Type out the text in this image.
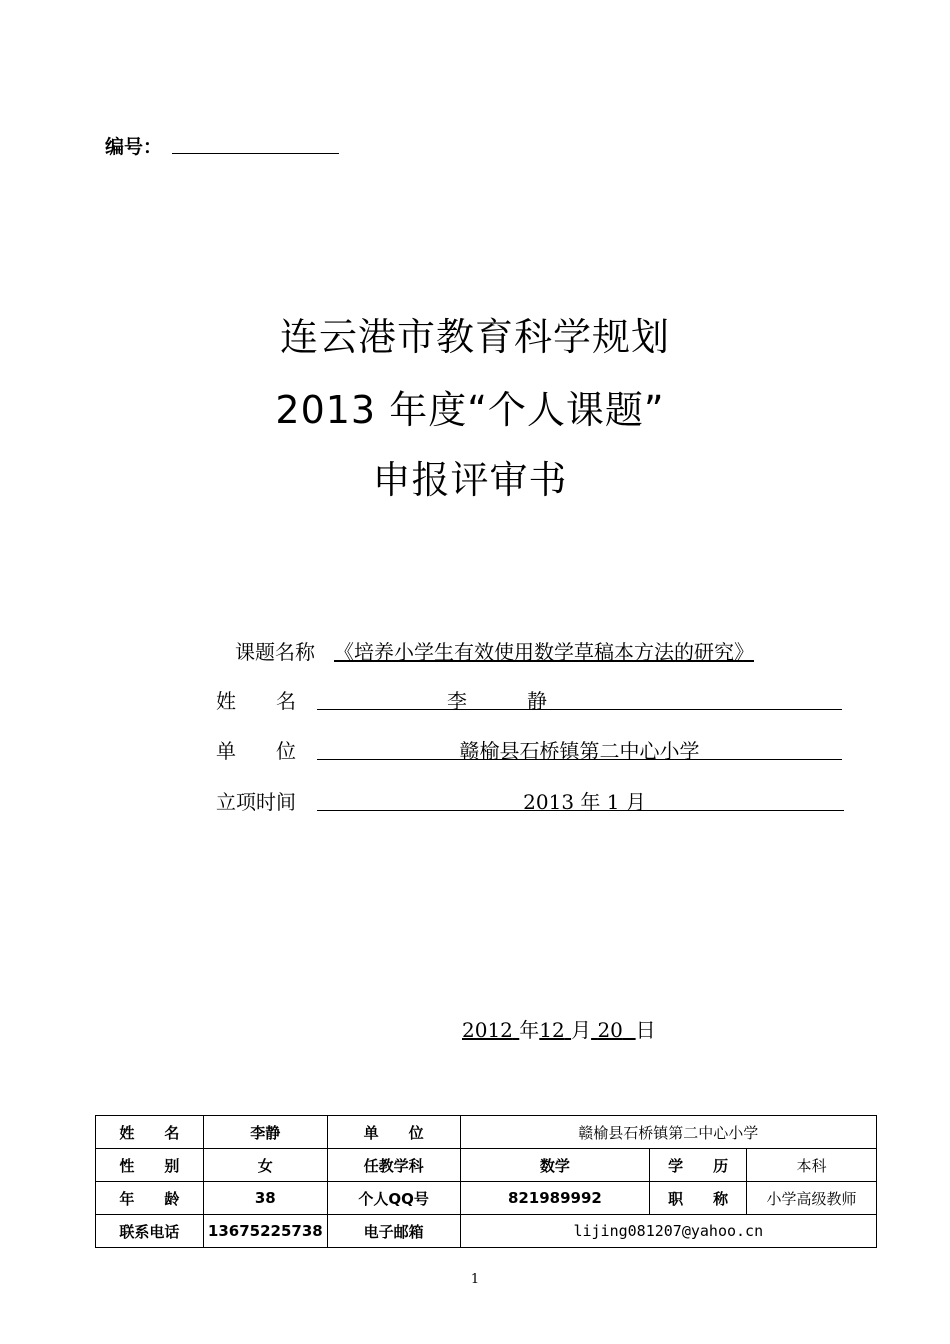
编号：
连云港市教育科学规划
2013 年度“个人课题”
申报评审书
课题名称 《培养小学生有效使用数学草稿本方法的研究》
姓　　名	李　　　静
单　　位	赣榆县石桥镇第二中心小学
立项时间	2013 年 1 月
2012 年12 月 20 日
姓　　名	李静	单　　位	赣榆县石桥镇第二中心小学		
性　　别	女	任教学科	数学	学　　历	本科
年　　龄	38	个人QQ号	821989992	职　　称	小学高级教师
联系电话	13675225738	电子邮箱	lijing081207@yahoo.cn		
1
